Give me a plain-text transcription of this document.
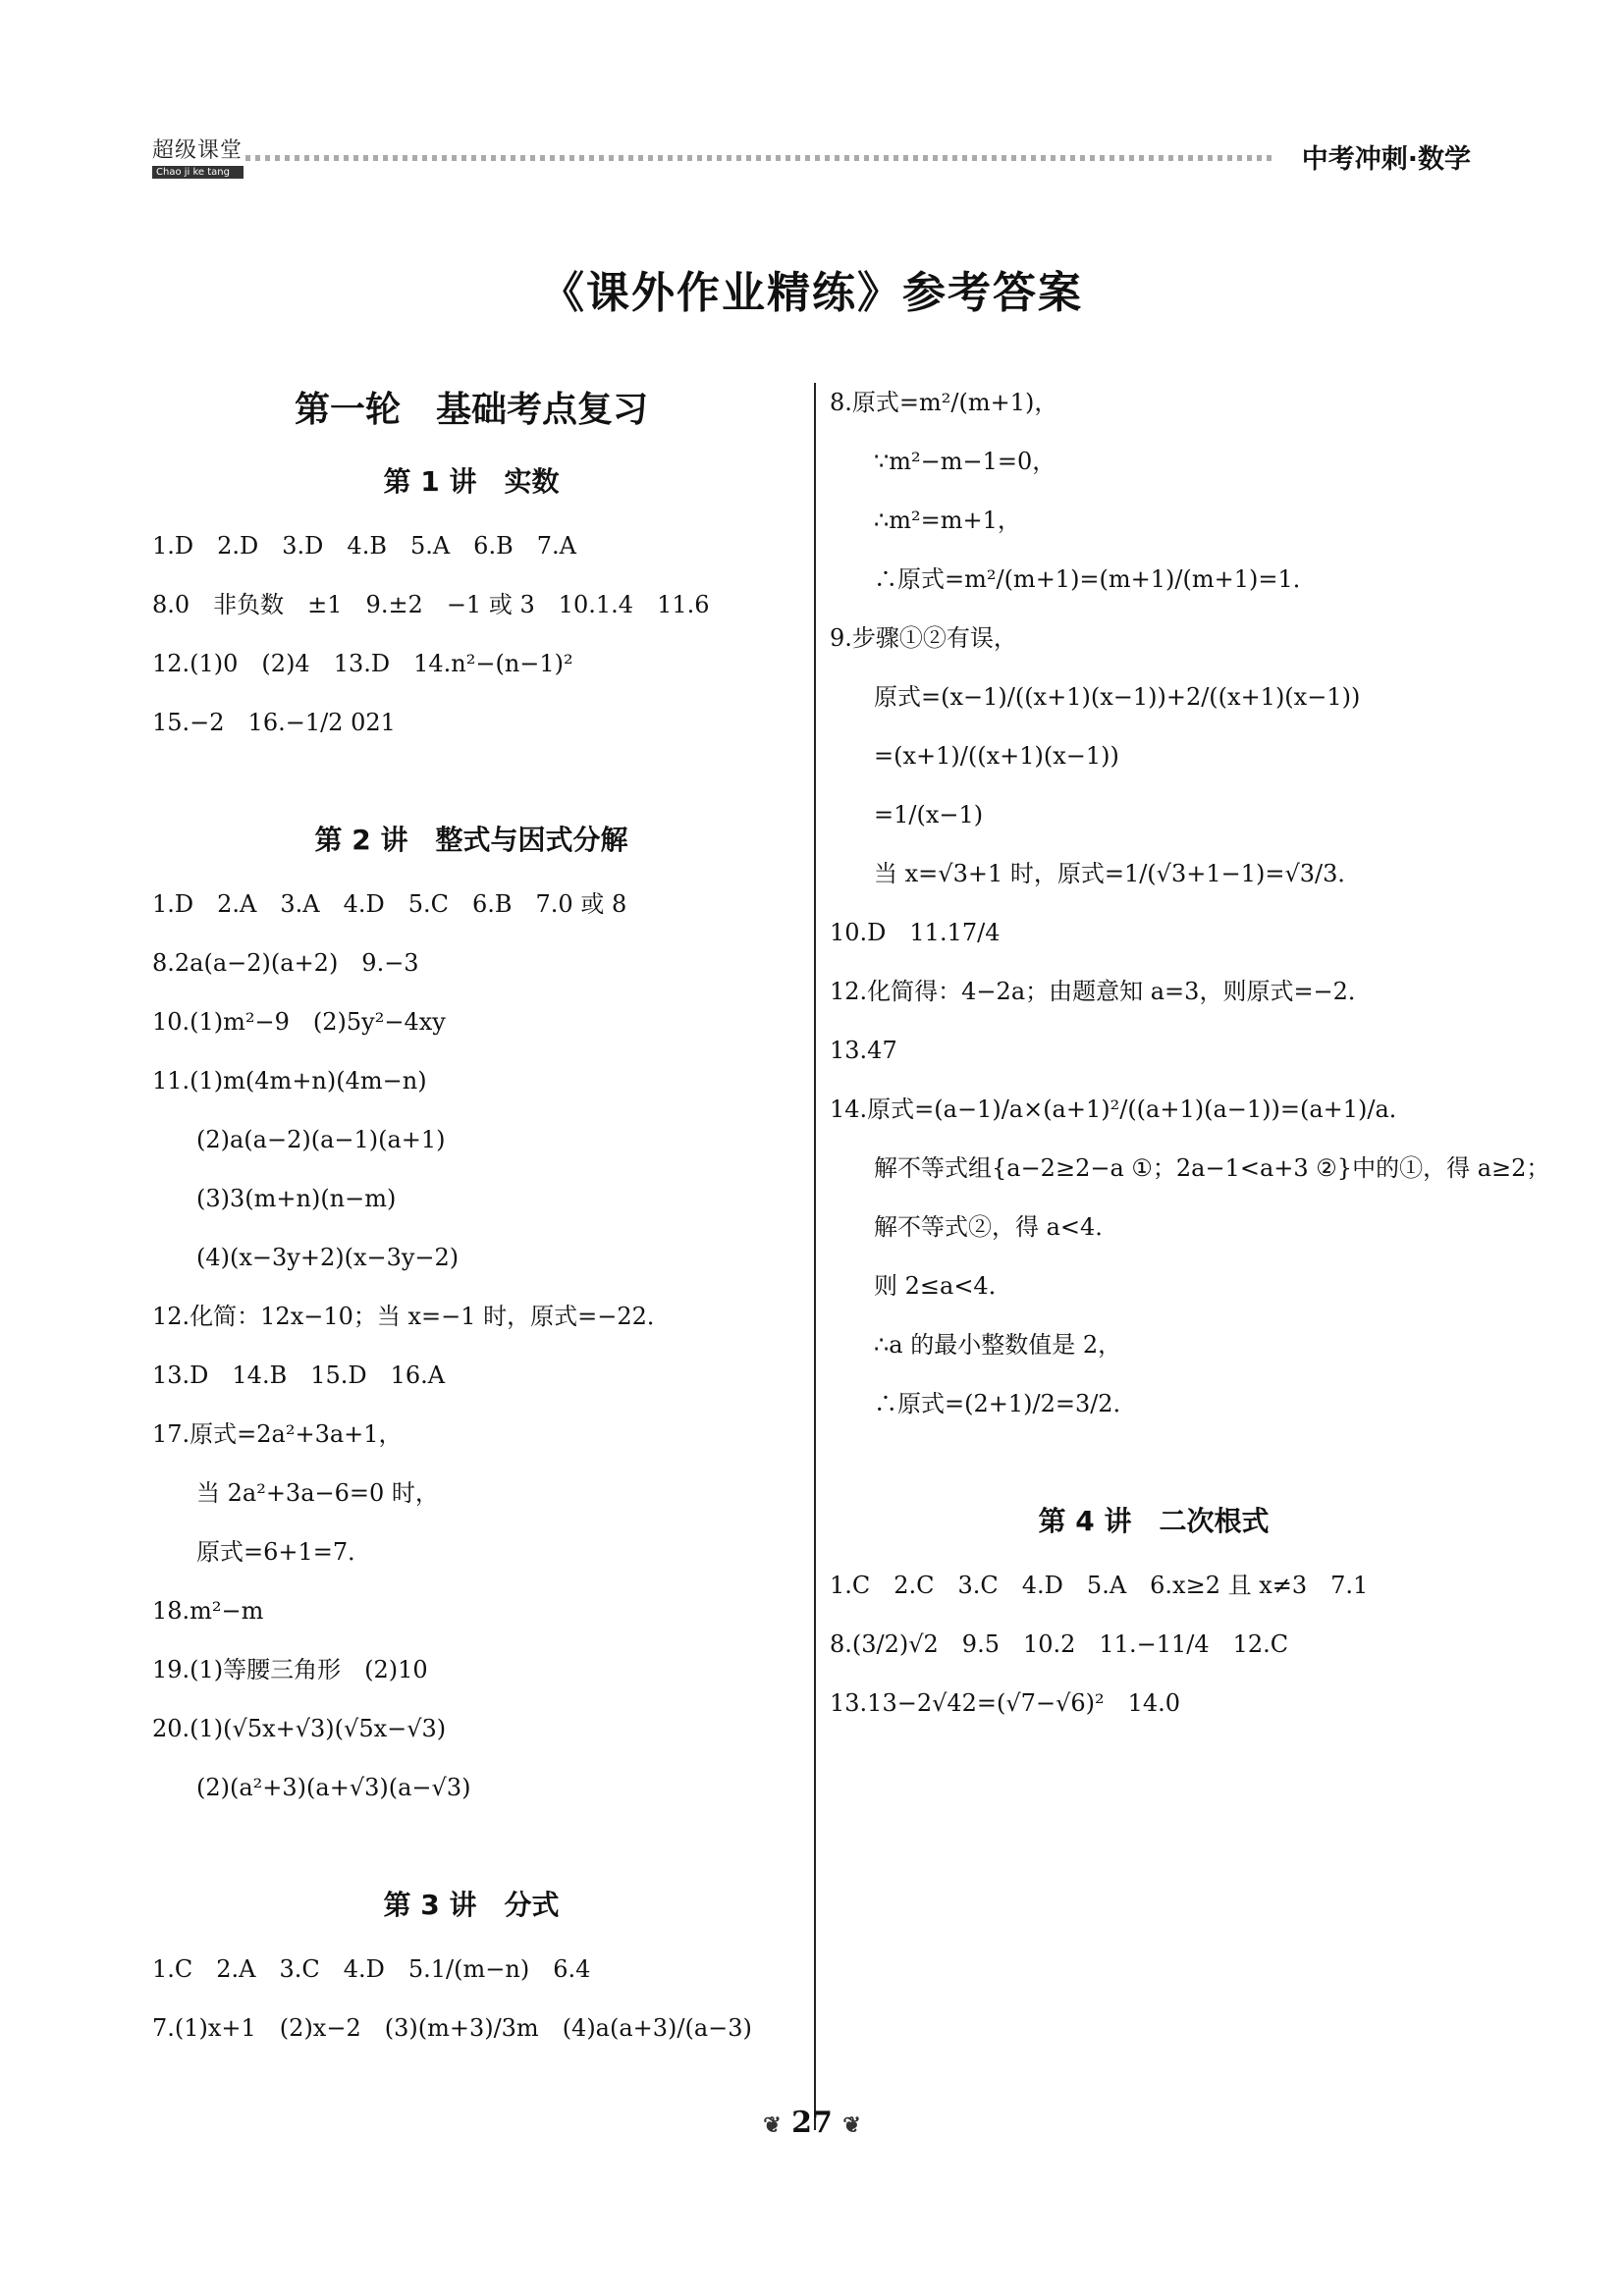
超级课堂
Chao ji ke tang	中考冲刺·数学
《课外作业精练》参考答案
第一轮　基础考点复习
第 1 讲　实数
1.D　2.D　3.D　4.B　5.A　6.B　7.A
8.0　非负数　±1　9.±2　−1 或 3　10.1.4　11.6
12.(1)0　(2)4　13.D　14.n²−(n−1)²
15.−2　16.−1/2 021
第 2 讲　整式与因式分解
1.D　2.A　3.A　4.D　5.C　6.B　7.0 或 8
8.2a(a−2)(a+2)　9.−3
10.(1)m²−9　(2)5y²−4xy
11.(1)m(4m+n)(4m−n)
(2)a(a−2)(a−1)(a+1)
(3)3(m+n)(n−m)
(4)(x−3y+2)(x−3y−2)
12.化简：12x−10；当 x=−1 时，原式=−22．
13.D　14.B　15.D　16.A
17.原式=2a²+3a+1，
当 2a²+3a−6=0 时，
原式=6+1=7．
18.m²−m
19.(1)等腰三角形　(2)10
20.(1)(√5x+√3)(√5x−√3)
(2)(a²+3)(a+√3)(a−√3)
第 3 讲　分式
1.C　2.A　3.C　4.D　5.1/(m−n)　6.4
7.(1)x+1　(2)x−2　(3)(m+3)/3m　(4)a(a+3)/(a−3)
8.原式=m²/(m+1)，
∵m²−m−1=0，
∴m²=m+1，
∴原式=m²/(m+1)=(m+1)/(m+1)=1．
9.步骤①②有误，
原式=(x−1)/((x+1)(x−1))+2/((x+1)(x−1))
=(x+1)/((x+1)(x−1))
=1/(x−1)
当 x=√3+1 时，原式=1/(√3+1−1)=√3/3．
10.D　11.17/4
12.化简得：4−2a；由题意知 a=3，则原式=−2．
13.47
14.原式=(a−1)/a×(a+1)²/((a+1)(a−1))=(a+1)/a．
解不等式组{a−2≥2−a ①；2a−1<a+3 ②}中的①，得 a≥2；
解不等式②，得 a<4．
则 2≤a<4．
∴a 的最小整数值是 2，
∴原式=(2+1)/2=3/2．
第 4 讲　二次根式
1.C　2.C　3.C　4.D　5.A　6.x≥2 且 x≠3　7.1
8.(3/2)√2　9.5　10.2　11.−11/4　12.C
13.13−2√42=(√7−√6)²　14.0
❦ 27 ❦
